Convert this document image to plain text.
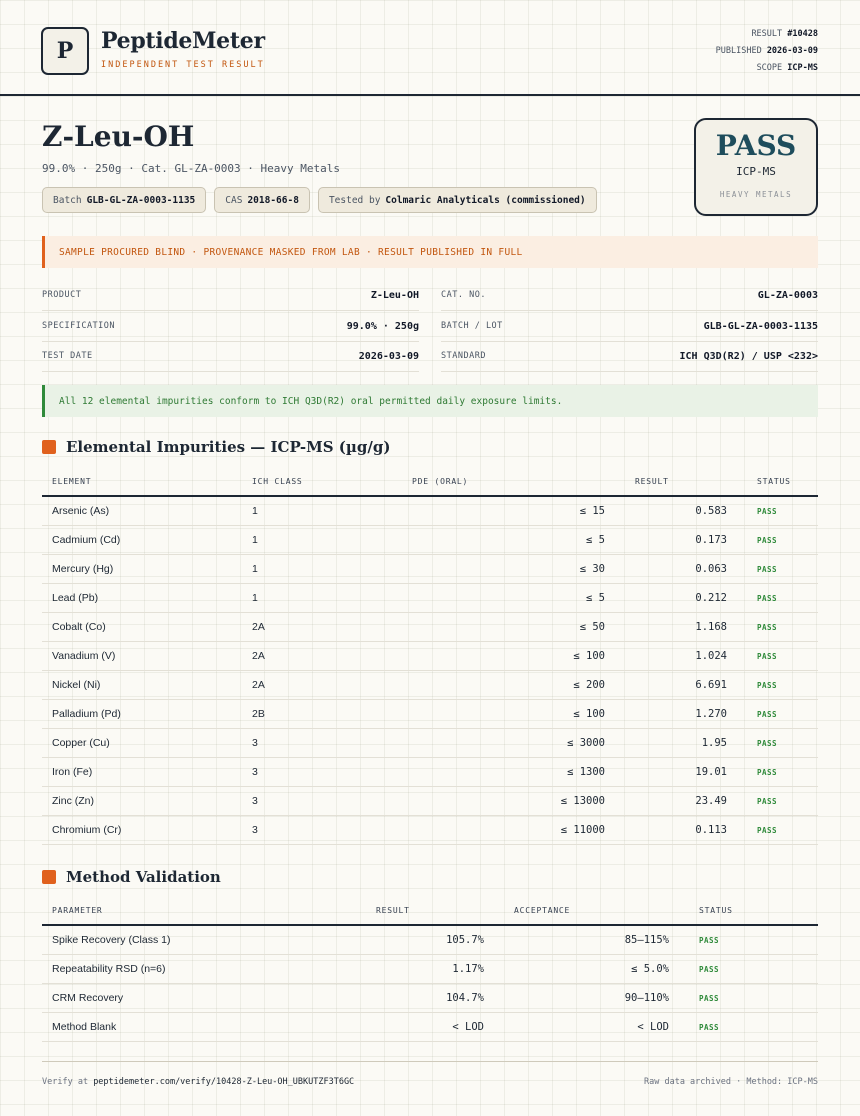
P	PeptideMeter
INDEPENDENT TEST RESULT
RESULT #10428
PUBLISHED 2026-03-09
SCOPE ICP-MS
Z-Leu-OH
99.0% · 250g · Cat. GL-ZA-0003 · Heavy Metals
Batch GLB-GL-ZA-0003-1135	CAS 2018-66-8	Tested by Colmaric Analyticals (commissioned)
PASS
ICP-MS
HEAVY METALS
SAMPLE PROCURED BLIND · PROVENANCE MASKED FROM LAB · RESULT PUBLISHED IN FULL
PRODUCT	Z-Leu-OH
SPECIFICATION	99.0% · 250g
TEST DATE	2026-03-09
CAT. NO.	GL-ZA-0003
BATCH / LOT	GLB-GL-ZA-0003-1135
STANDARD	ICH Q3D(R2) / USP <232>
All 12 elemental impurities conform to ICH Q3D(R2) oral permitted daily exposure limits.
Elemental Impurities — ICP-MS (µg/g)
ELEMENT	ICH CLASS	PDE (ORAL)	RESULT	STATUS
Arsenic (As)	1	≤ 15	0.583	PASS
Cadmium (Cd)	1	≤ 5	0.173	PASS
Mercury (Hg)	1	≤ 30	0.063	PASS
Lead (Pb)	1	≤ 5	0.212	PASS
Cobalt (Co)	2A	≤ 50	1.168	PASS
Vanadium (V)	2A	≤ 100	1.024	PASS
Nickel (Ni)	2A	≤ 200	6.691	PASS
Palladium (Pd)	2B	≤ 100	1.270	PASS
Copper (Cu)	3	≤ 3000	1.95	PASS
Iron (Fe)	3	≤ 1300	19.01	PASS
Zinc (Zn)	3	≤ 13000	23.49	PASS
Chromium (Cr)	3	≤ 11000	0.113	PASS
Method Validation
PARAMETER	RESULT	ACCEPTANCE	STATUS
Spike Recovery (Class 1)	105.7%	85–115%	PASS
Repeatability RSD (n=6)	1.17%	≤ 5.0%	PASS
CRM Recovery	104.7%	90–110%	PASS
Method Blank	< LOD	< LOD	PASS
Verify at peptidemeter.com/verify/10428-Z-Leu-OH_UBKUTZF3T6GC	Raw data archived · Method: ICP-MS
